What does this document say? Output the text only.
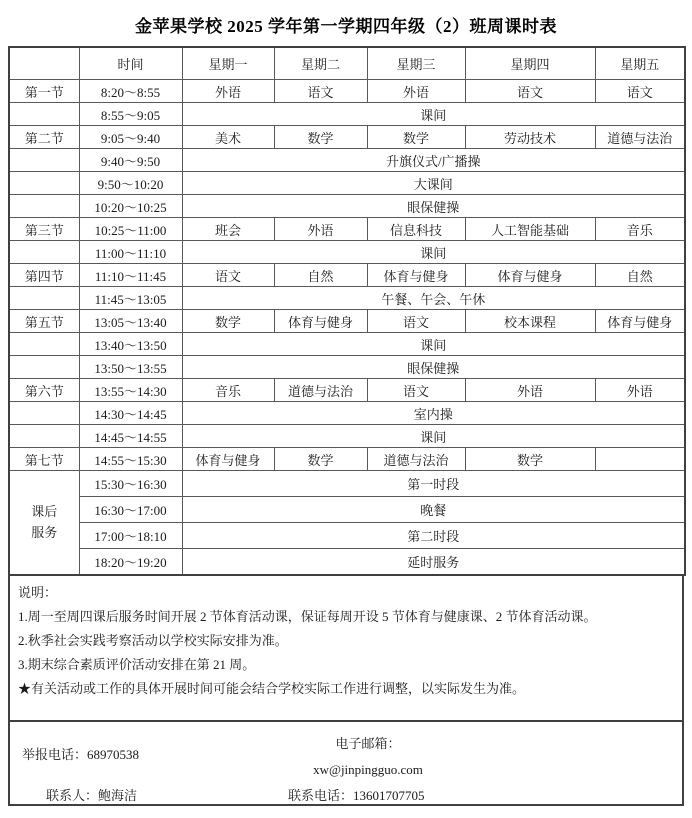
金苹果学校 2025 学年第一学期四年级（2）班周课时表
	时间	星期一	星期二	星期三	星期四	星期五
第一节	8:20～8:55	外语	语文	外语	语文	语文
	8:55～9:05	课间				
第二节	9:05～9:40	美术	数学	数学	劳动技术	道德与法治
	9:40～9:50	升旗仪式/广播操				
	9:50～10:20	大课间				
	10:20～10:25	眼保健操				
第三节	10:25～11:00	班会	外语	信息科技	人工智能基础	音乐
	11:00～11:10	课间				
第四节	11:10～11:45	语文	自然	体育与健身	体育与健身	自然
	11:45～13:05	午餐、午会、午休				
第五节	13:05～13:40	数学	体育与健身	语文	校本课程	体育与健身
	13:40～13:50	课间				
	13:50～13:55	眼保健操				
第六节	13:55～14:30	音乐	道德与法治	语文	外语	外语
	14:30～14:45	室内操				
	14:45～14:55	课间				
第七节	14:55～15:30	体育与健身	数学	道德与法治	数学	

课后
服务	15:30～16:30	第一时段				
	16:30～17:00	晚餐				
	17:00～18:10	第二时段				
	18:20～19:20	延时服务				
说明：
1.周一至周四课后服务时间开展 2 节体育活动课，保证每周开设 5 节体育与健康课、2 节体育活动课。
2.秋季社会实践考察活动以学校实际安排为准。
3.期末综合素质评价活动安排在第 21 周。
★有关活动或工作的具体开展时间可能会结合学校实际工作进行调整，以实际发生为准。
举报电话：68970538
电子邮箱：
xw@jinpingguo.com
联系人：鲍海洁	联系电话：13601707705
